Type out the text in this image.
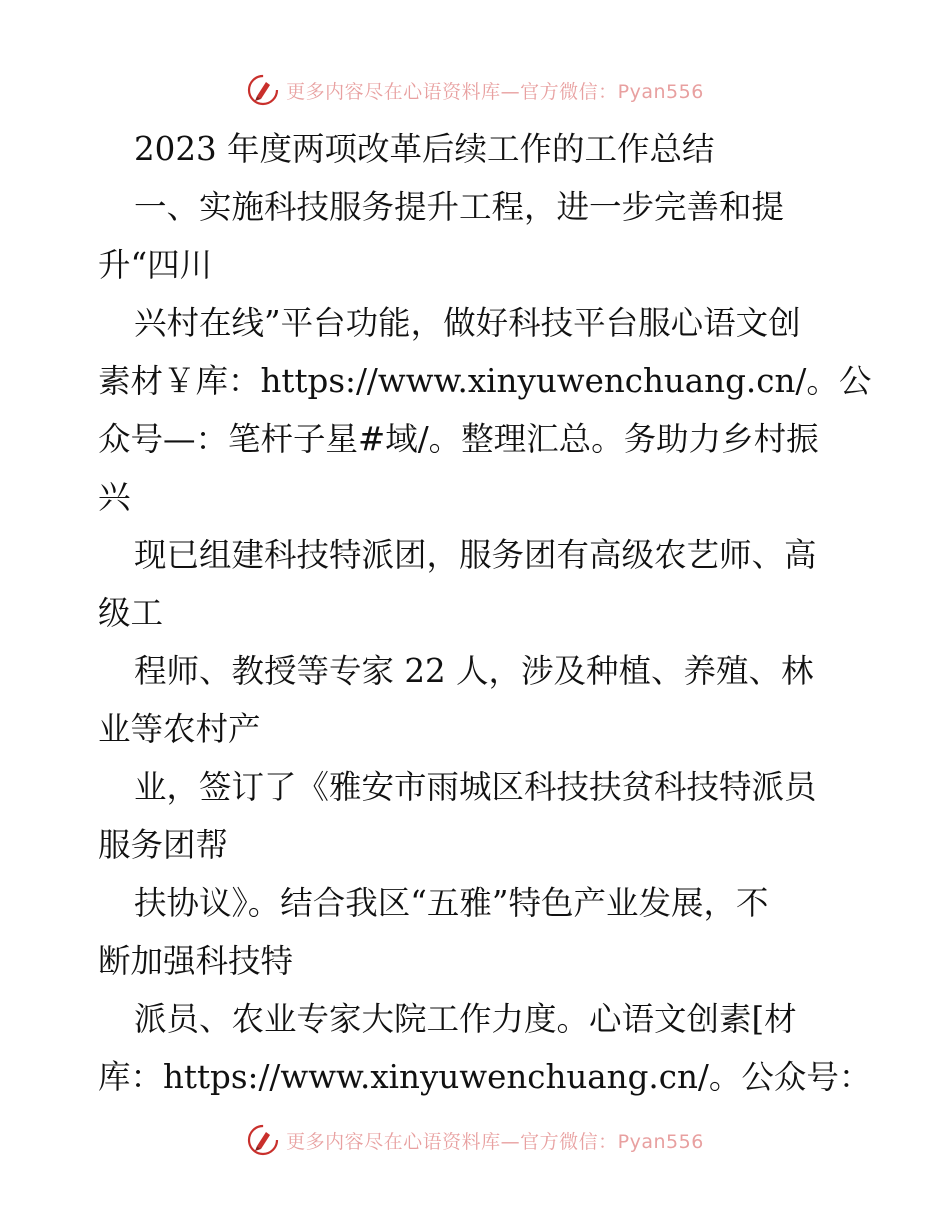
更多内容尽在心语资料库—官方微信：Pyan556
2023 年度两项改革后续工作的工作总结
一、实施科技服务提升工程，进一步完善和提
升“四川
兴村在线”平台功能，做好科技平台服心语文创
素材￥库：https://www.xinyuwenchuang.cn/。公
众号—：笔杆子星#域/。整理汇总。务助力乡村振
兴
现已组建科技特派团，服务团有高级农艺师、高
级工
程师、教授等专家 22 人，涉及种植、养殖、林
业等农村产
业，签订了《雅安市雨城区科技扶贫科技特派员
服务团帮
扶协议》。结合我区“五雅”特色产业发展，不
断加强科技特
派员、农业专家大院工作力度。心语文创素[材
库：https://www.xinyuwenchuang.cn/。公众号：
更多内容尽在心语资料库—官方微信：Pyan556
